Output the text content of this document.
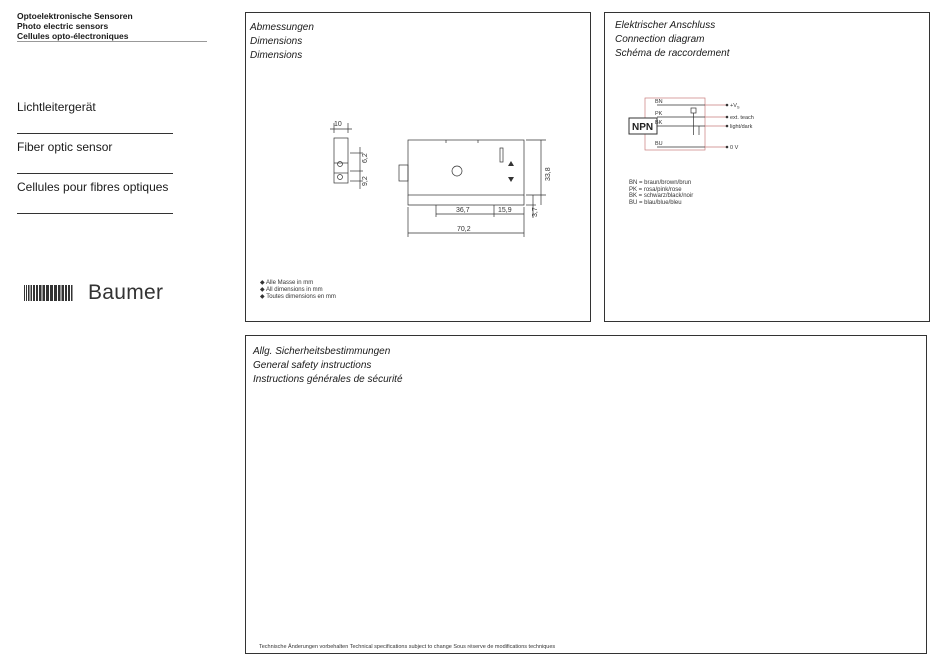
Optoelektronische Sensoren
Photo electric sensors
Cellules opto-électroniques
Lichtleitergerät
Fiber optic sensor
Cellules pour fibres optiques
Baumer
Abmessungen
Dimensions
Dimensions
10
6,2
9,2
33,8
3,7
36,7	15,9
70,2
◆ Alle Masse in mm
◆ All dimensions in mm
◆ Toutes dimensions en mm
Elektrischer Anschluss
Connection diagram
Schéma de raccordement
BN
PK
BK
BU
$+V_S$
ext. teach
light/dark
0 V
NPN
BN = braun/brown/brun
PK = rosa/pink/rose
BK = schwarz/black/noir
BU = blau/blue/bleu
Allg. Sicherheitsbestimmungen
General safety instructions
Instructions générales de sécurité
Technische Änderungen vorbehalten Technical specifications subject to change Sous réserve de modifications techniques
